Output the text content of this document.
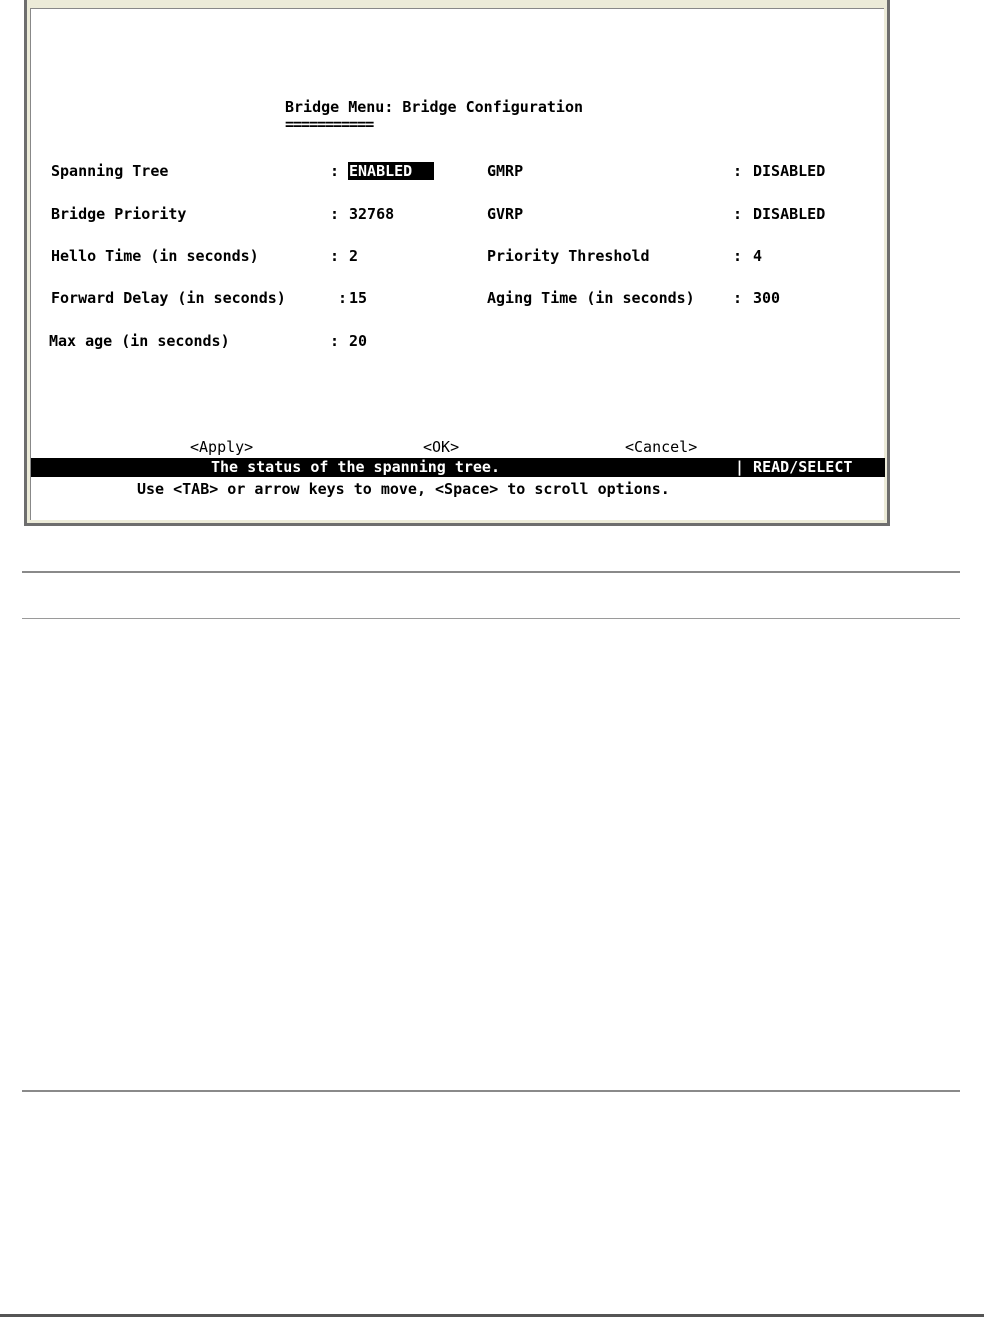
Bridge Menu: Bridge Configuration
===========
Spanning Tree	: ENABLED
Bridge Priority	: 32768
Hello Time (in seconds)	: 2
Forward Delay (in seconds)	: 15
Max age (in seconds)	: 20
GMRP	: DISABLED
GVRP	: DISABLED
Priority Threshold	: 4
Aging Time (in seconds)	: 300
<Apply>	<OK>	<Cancel>
The status of the spanning tree.	| READ/SELECT
Use <TAB> or arrow keys to move, <Space> to scroll options.
